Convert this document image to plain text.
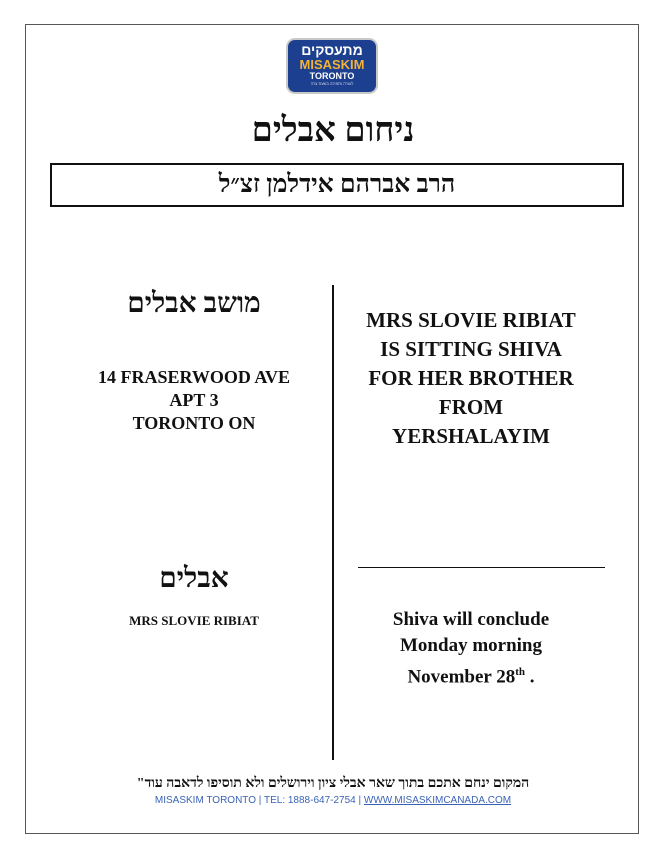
מתעסקים
MISASKIM
TORONTO
לעזרה ותמיכה בשעת צרה
ניחום אבלים
הרב אברהם אידלמן זצ״ל
מושב אבלים
14 FRASERWOOD AVE
APT 3
TORONTO ON
אבלים
MRS SLOVIE RIBIAT
MRS SLOVIE RIBIAT
IS SITTING SHIVA
FOR HER BROTHER
FROM
YERSHALAYIM
Shiva will conclude
Monday morning
November 28th .
המקום ינחם אתכם בתוך שאר אבלי ציון וירושלים ולא תוסיפו לדאבה עוד"
MISASKIM TORONTO | TEL: 1888-647-2754 | WWW.MISASKIMCANADA.COM
